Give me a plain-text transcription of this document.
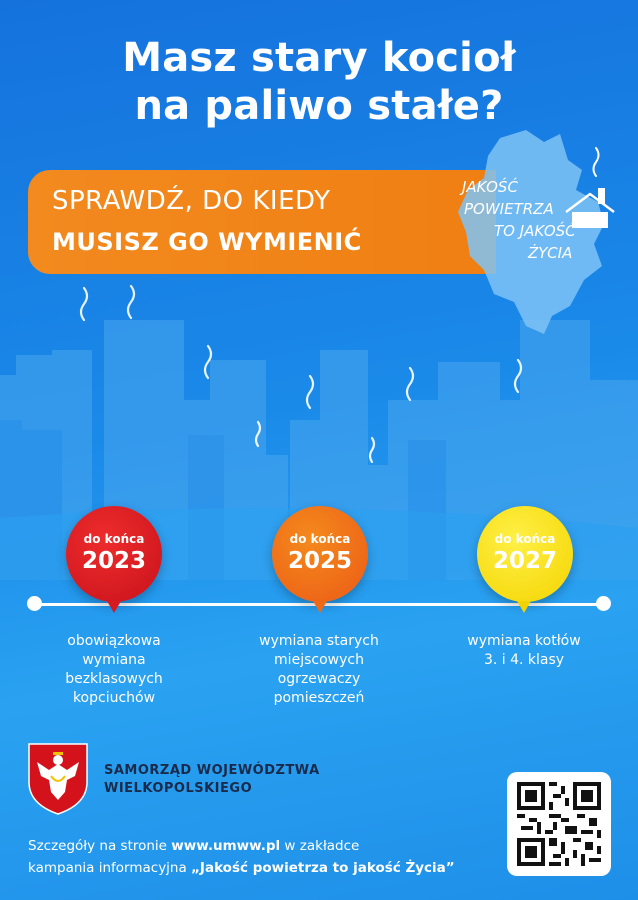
Masz stary kocioł
na paliwo stałe?
SPRAWDŹ, DO KIEDY
MUSISZ GO WYMIENIĆ
JAKOŚĆ
POWIETRZA
TO JAKOŚĆ
ŻYCIA
do końca
2023
do końca
2025
do końca
2027
obowiązkowa
wymiana
bezklasowych
kopciuchów
wymiana starych
miejscowych
ogrzewaczy
pomieszczeń
wymiana kotłów
3. i 4. klasy
SAMORZĄD WOJEWÓDZTWA
WIELKOPOLSKIEGO
Szczegóły na stronie www.umww.pl w zakładce
kampania informacyjna „Jakość powietrza to jakość Życia”
